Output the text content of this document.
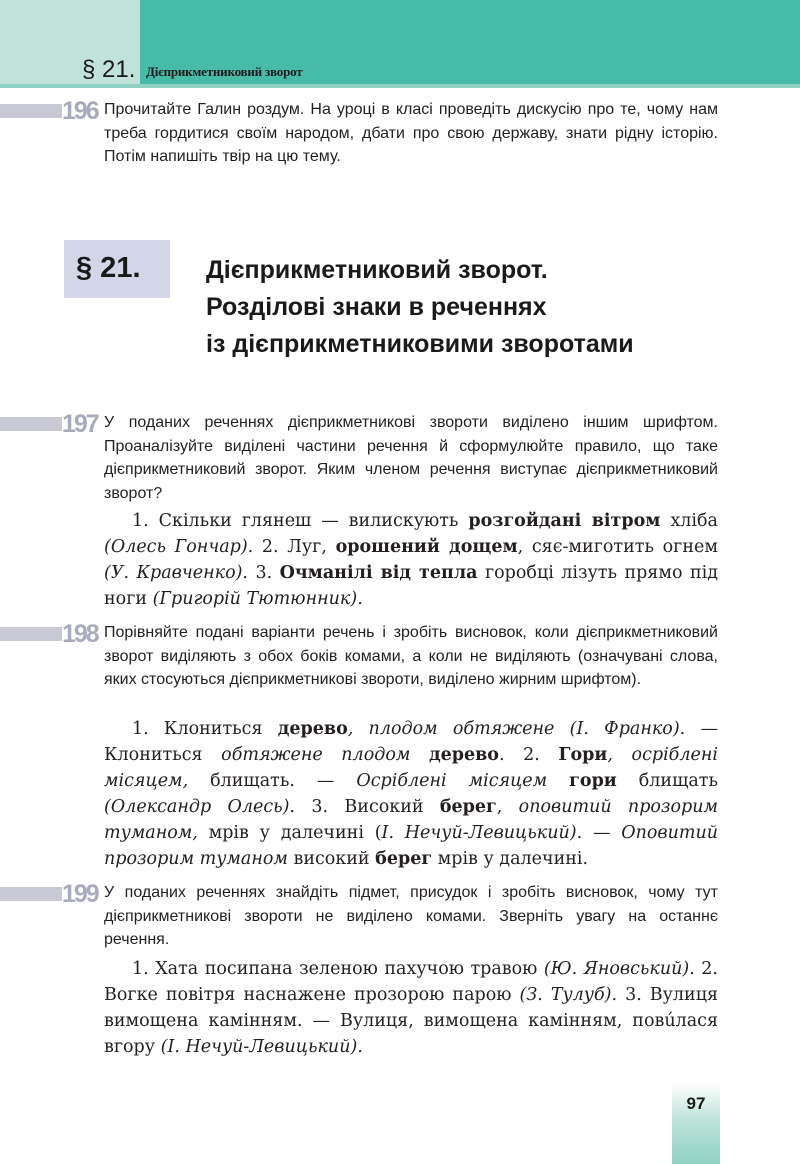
§ 21. Дієприкметниковий зворот
196 Прочитайте Галин роздум. На уроці в класі проведіть дискусію про те, чому нам треба гордитися своїм народом, дбати про свою державу, знати рідну історію. Потім напишіть твір на цю тему.
§ 21.	Дієприкметниковий зворот.
Розділові знаки в реченнях
із дієприкметниковими зворотами
197 У поданих реченнях дієприкметникові звороти виділено іншим шрифтом. Проаналізуйте виділені частини речення й сформулюйте правило, що таке дієприкметниковий зворот. Яким членом речення виступає дієприкметниковий зворот?
1. Скільки глянеш — вилискують розгойдані вітром хліба (Олесь Гончар). 2. Луг, орошений дощем, сяє-миготить огнем (У. Кравченко). 3. Очманілі від тепла горобці лізуть прямо під ноги (Григорій Тютюнник).
198 Порівняйте подані варіанти речень і зробіть висновок, коли дієприкметниковий зворот виділяють з обох боків комами, а коли не виділяють (означувані слова, яких стосуються дієприкметникові звороти, виділено жирним шрифтом).
1. Клониться дерево, плодом обтяжене (І. Франко). — Клониться обтяжене плодом дерево. 2. Гори, осріблені місяцем, блищать. — Осріблені місяцем гори блищать (Олександр Олесь). 3. Високий берег, оповитий прозорим туманом, мрів у далечині (І. Нечуй-Левицький). — Оповитий прозорим туманом високий берег мрів у далечині.
199 У поданих реченнях знайдіть підмет, присудок і зробіть висновок, чому тут дієприкметникові звороти не виділено комами. Зверніть увагу на останнє речення.
1. Хата посипана зеленою пахучою травою (Ю. Яновський). 2. Вогке повітря наснажене прозорою парою (З. Тулуб). 3. Вулиця вимощена камінням. — Вулиця, вимощена камінням, повúлася вгору (І. Нечуй-Левицький).
97
